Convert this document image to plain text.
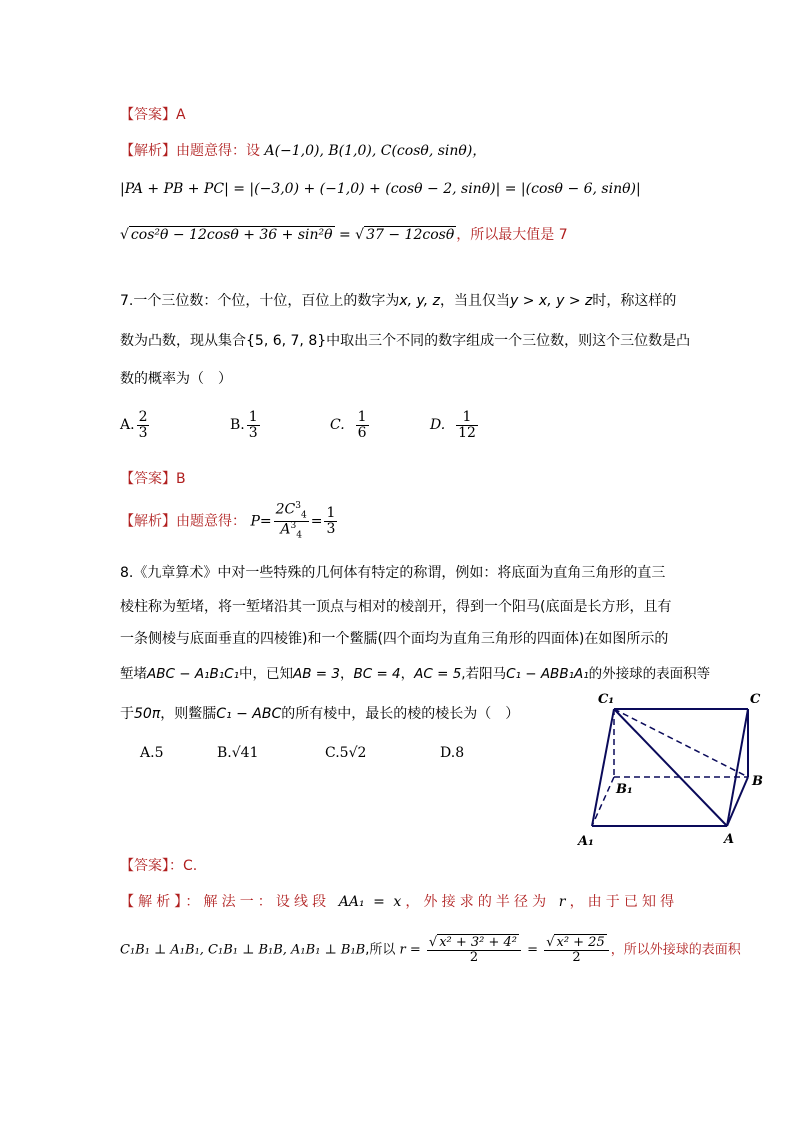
【答案】A
【解析】由题意得：设 A(−1,0), B(1,0), C(cosθ, sinθ)，
|PA + PB + PC| = |(−3,0) + (−1,0) + (cosθ − 2, sinθ)| = |(cosθ − 6, sinθ)|
√ cos²θ − 12cosθ + 36 + sin²θ = √ 37 − 12cosθ ，所以最大值是 7
7.一个三位数：个位，十位，百位上的数字为x, y, z，当且仅当y > x, y > z时，称这样的
数为凸数，现从集合{5, 6, 7, 8}中取出三个不同的数字组成一个三位数，则这个三位数是凸
数的概率为（　）
A. $\frac{2}{3}$	B. $\frac{1}{3}$	C. $\frac{1}{6}$	D. $\frac{1}{12}$
【答案】B
【解析】由题意得： $P= \frac{2C^3_4}{A^3_4} = \frac{1}{3}$
8.《九章算术》中对一些特殊的几何体有特定的称谓，例如：将底面为直角三角形的直三
棱柱称为堑堵，将一堑堵沿其一顶点与相对的棱剖开，得到一个阳马(底面是长方形，且有
一条侧棱与底面垂直的四棱锥)和一个鳖臑(四个面均为直角三角形的四面体)在如图所示的
堑堵ABC − A₁B₁C₁中，已知AB = 3，BC = 4，AC = 5,若阳马C₁ − ABB₁A₁的外接球的表面积等
于50π，则鳖臑C₁ − ABC的所有棱中，最长的棱的棱长为（　）
A.5	B.√41	C.5√2	D.8
C₁	C
B₁
B
A₁	A
【答案】：C.
【解析】：解法一：设线段 AA₁ = x，外接求的半径为 r，由于已知得
C₁B₁ ⊥ A₁B₁, C₁B₁ ⊥ B₁B, A₁B₁ ⊥ B₁B,所以 $r = \frac{\text{√ x² + 3² + 4²}}{2} = \frac{\text{√ x² + 25}}{2}$ ，所以外接球的表面积
